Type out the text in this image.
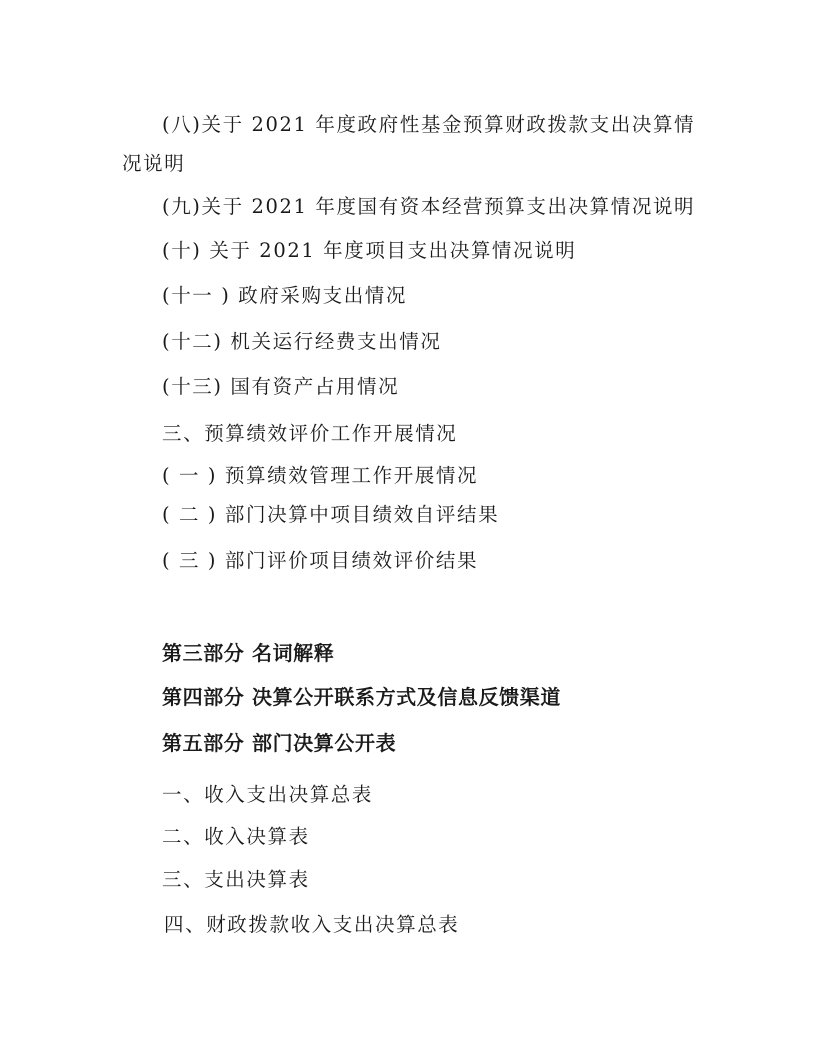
(八)关于 2021 年度政府性基金预算财政拨款支出决算情
况说明
(九)关于 2021 年度国有资本经营预算支出决算情况说明
(十) 关于 2021 年度项目支出决算情况说明
(十一 ) 政府采购支出情况
(十二) 机关运行经费支出情况
(十三) 国有资产占用情况
三、预算绩效评价工作开展情况
( 一 ) 预算绩效管理工作开展情况
( 二 ) 部门决算中项目绩效自评结果
( 三 ) 部门评价项目绩效评价结果
第三部分 名词解释
第四部分 决算公开联系方式及信息反馈渠道
第五部分 部门决算公开表
一、收入支出决算总表
二、收入决算表
三、支出决算表
四、财政拨款收入支出决算总表
